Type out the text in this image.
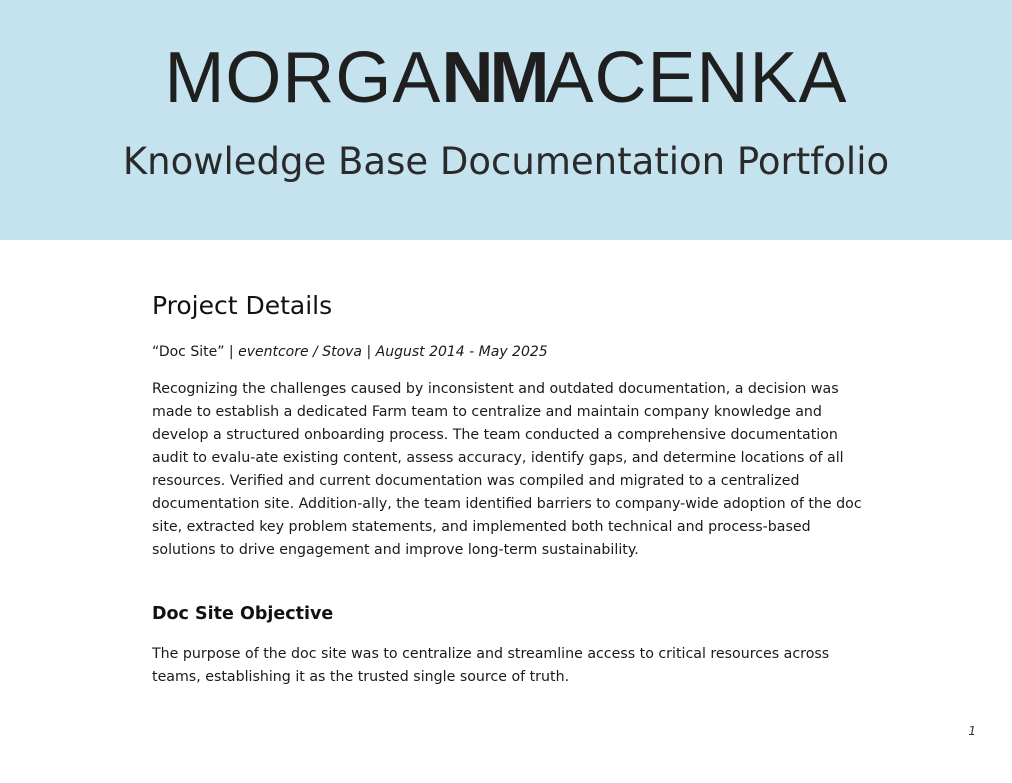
MORGANMACENKA
Knowledge Base Documentation Portfolio
Project Details
“Doc Site” | eventcore / Stova | August 2014 - May 2025
Recognizing the challenges caused by inconsistent and outdated documentation, a decision was made to establish a dedicated Farm team to centralize and maintain company knowledge and develop a structured onboarding process. The team conducted a comprehensive documentation audit to evalu-ate existing content, assess accuracy, identify gaps, and determine locations of all resources. Verified and current documentation was compiled and migrated to a centralized documentation site. Addition-ally, the team identified barriers to company-wide adoption of the doc site, extracted key problem statements, and implemented both technical and process-based solutions to drive engagement and improve long-term sustainability.
Doc Site Objective
The purpose of the doc site was to centralize and streamline access to critical resources across teams, establishing it as the trusted single source of truth.
1
